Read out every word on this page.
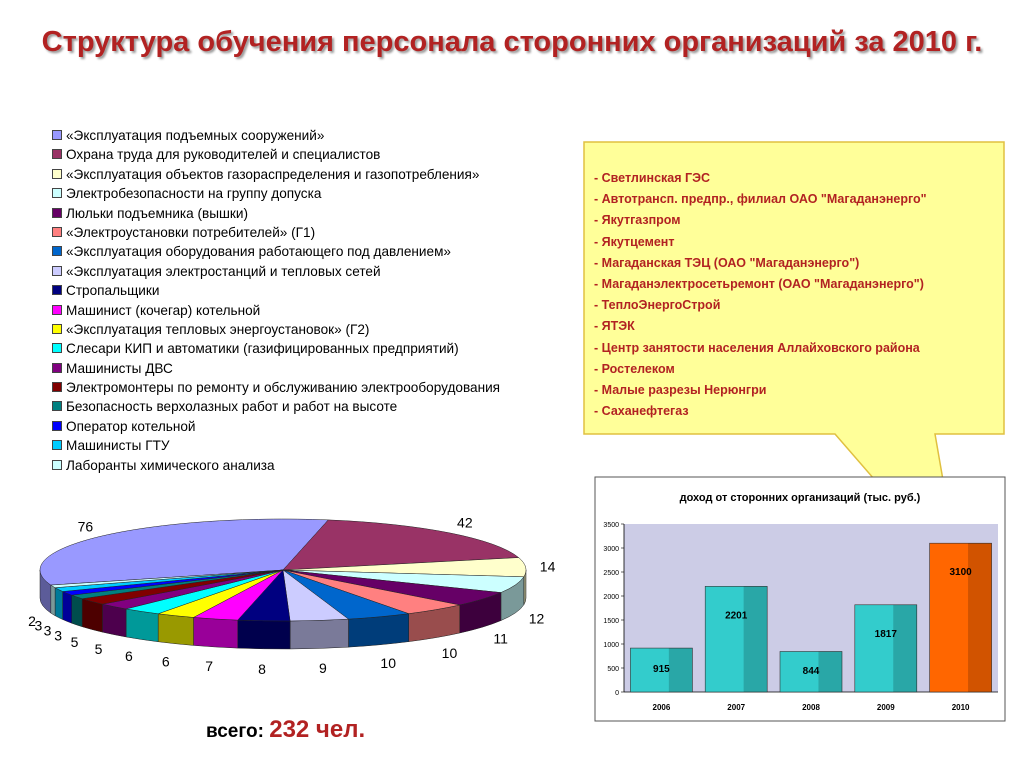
Структура обучения персонала сторонних организаций за 2010 г.
«Эксплуатация подъемных сооружений»
Охрана труда для руководителей и специалистов
«Эксплуатация объектов газораспределения и газопотребления»
Электробезопасности на группу допуска
Люльки подъемника (вышки)
«Электроустановки потребителей» (Г1)
«Эксплуатация оборудования работающего под давлением»
«Эксплуатация электростанций и тепловых сетей
Стропальщики
Машинист (кочегар) котельной
«Эксплуатация тепловых энергоустановок» (Г2)
Слесари КИП и автоматики (газифицированных предприятий)
Машинисты ДВС
Электромонтеры по ремонту и обслуживанию электрооборудования
Безопасность верхолазных работ и работ на высоте
Оператор котельной
Машинисты ГТУ
Лаборанты химического анализа
76	42
14
12
11
10
10
9
8
7
6
6
5
5
3
3
3
2
всего: 232 чел.
- Светлинская ГЭС
- Автотрансп. предпр., филиал ОАО "Магаданэнерго"
- Якутгазпром
- Якутцемент
- Магаданская ТЭЦ (ОАО "Магаданэнерго")
- Магаданэлектросетьремонт (ОАО "Магаданэнерго")
- ТеплоЭнергоСтрой
- ЯТЭК
- Центр занятости населения Аллайховского района
- Ростелеком
- Малые разрезы Нерюнгри
- Саханефтегаз
доход от сторонних организаций (тыс. руб.)
0
500
1000
1500
2000
2500
3000
3500
915
2006
2201
2007
844
2008
1817
2009
3100
2010
